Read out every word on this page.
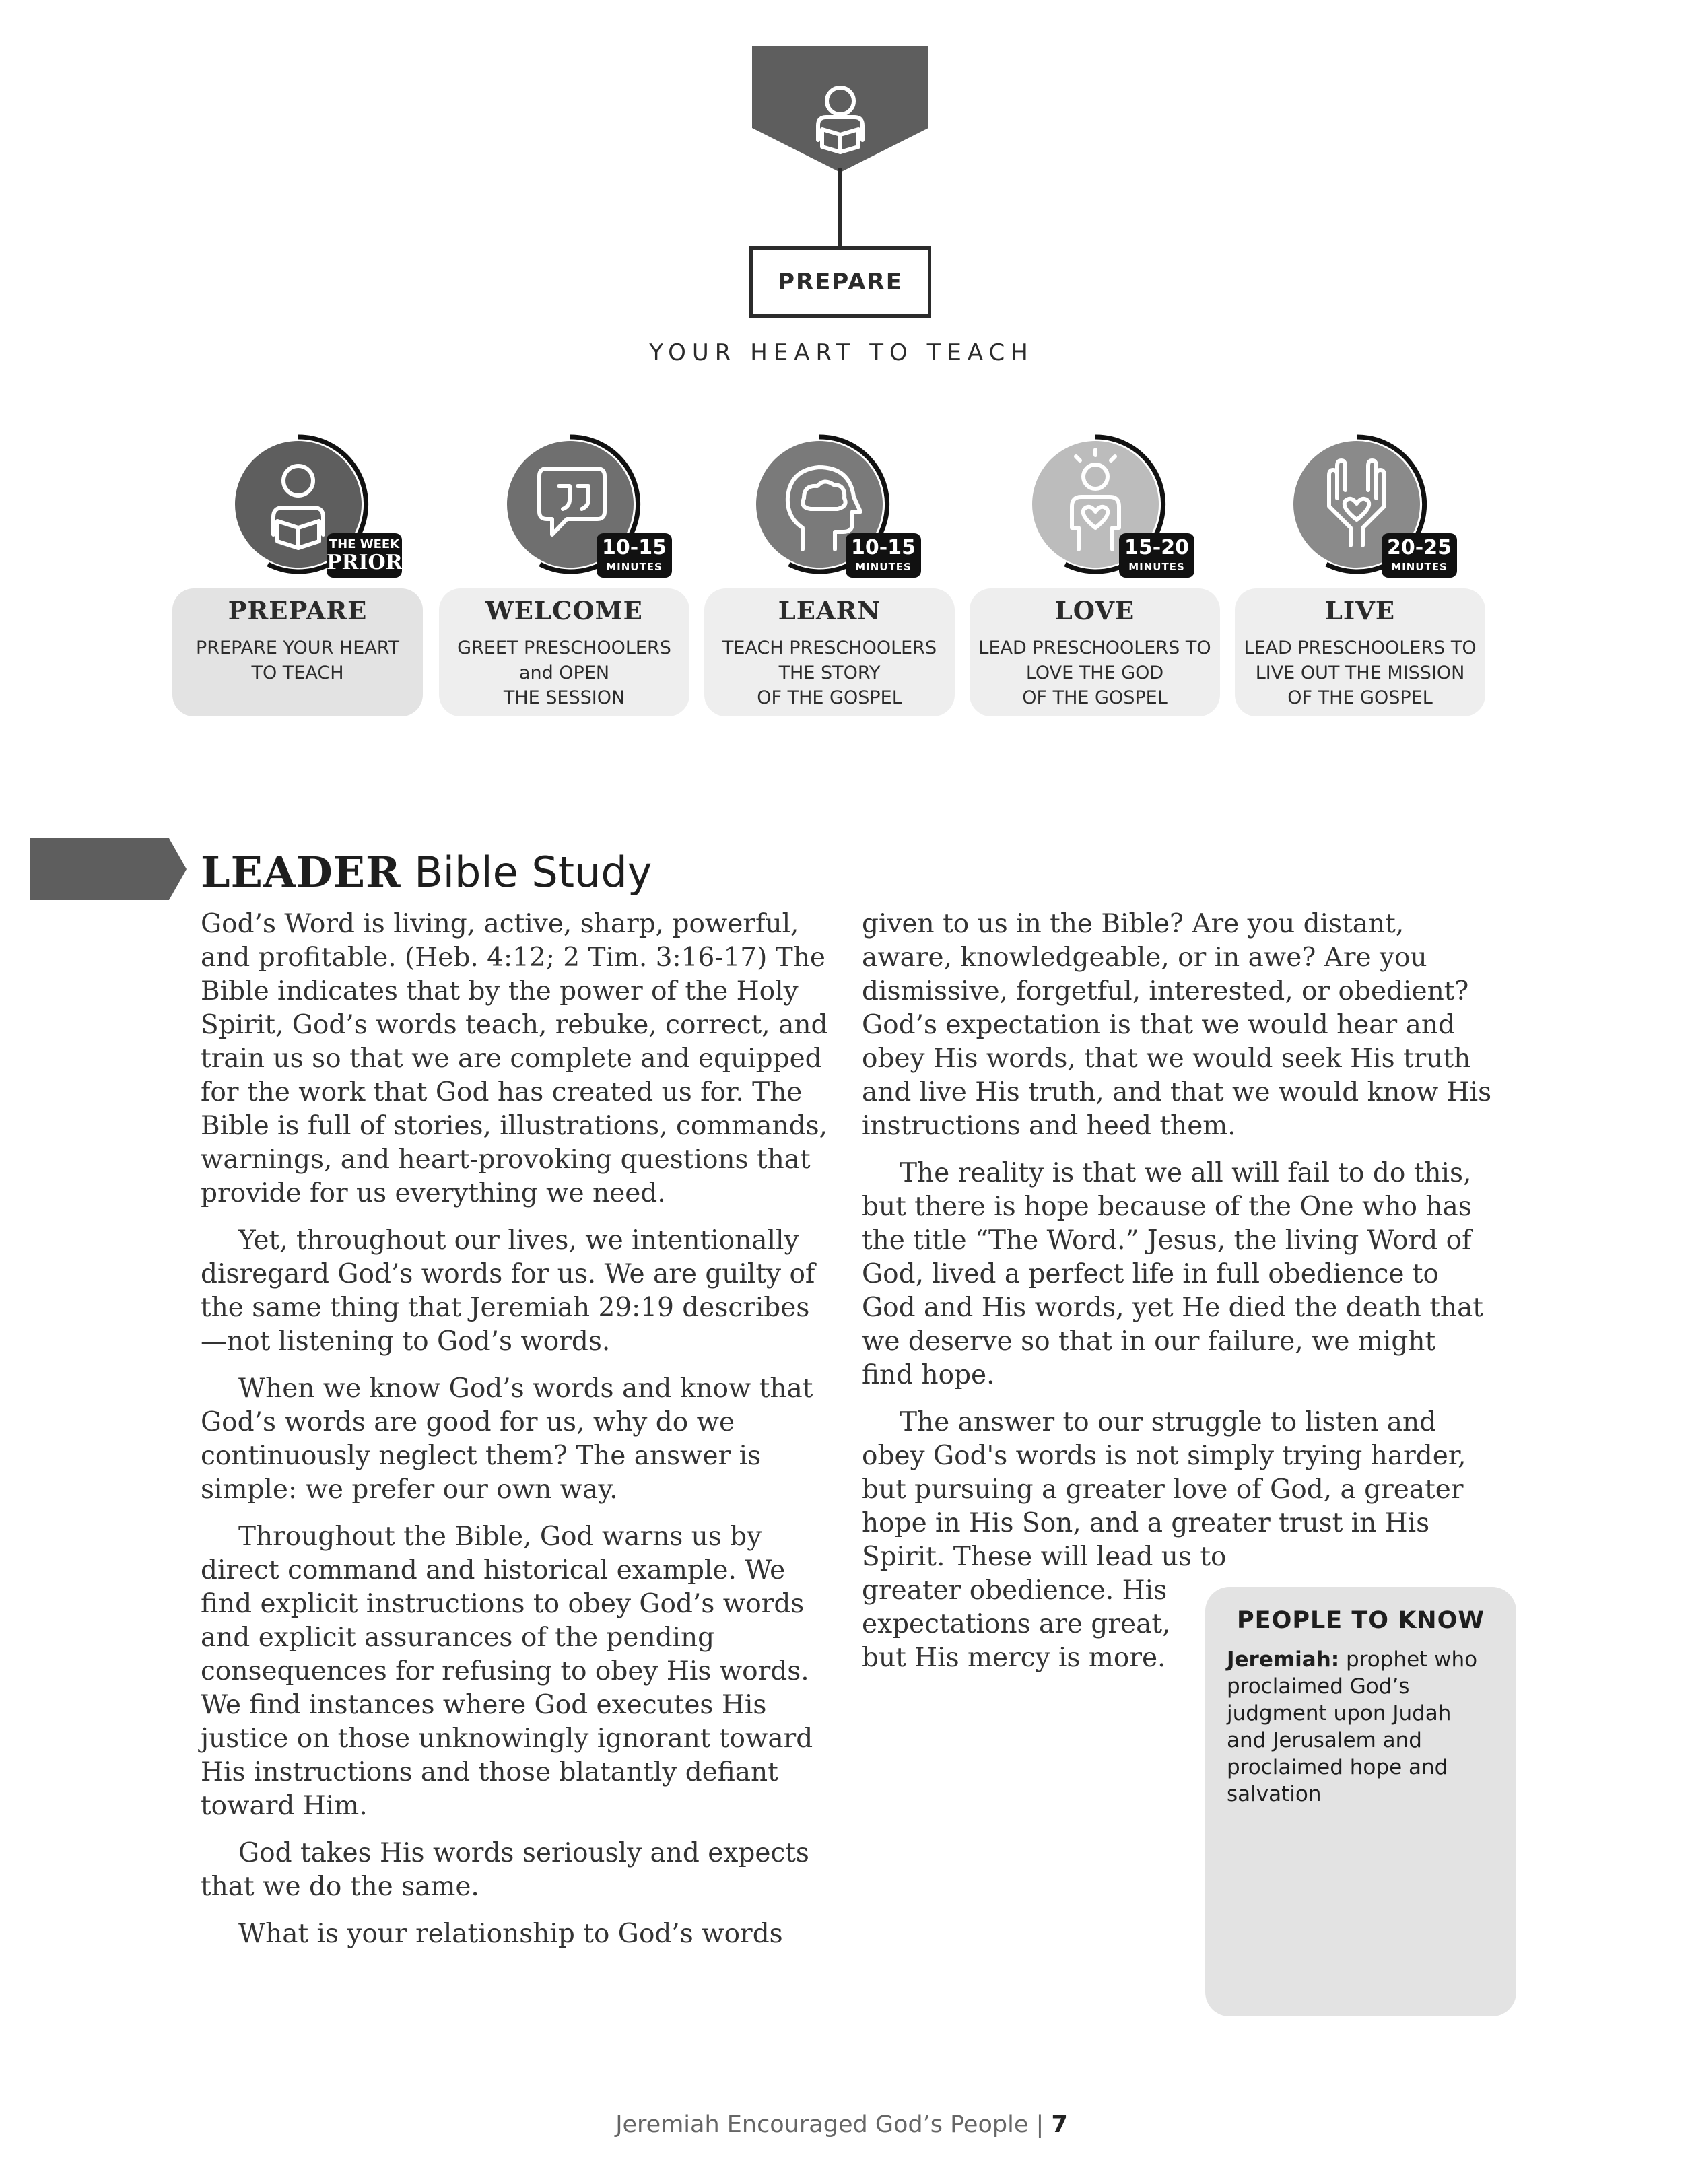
PREPARE
YOUR HEART TO TEACH
THE WEEK
PRIOR
PREPARE
PREPARE YOUR HEART
TO TEACH
10-15
MINUTES
WELCOME
GREET PRESCHOOLERS
and OPEN
THE SESSION
10-15
MINUTES
LEARN
TEACH PRESCHOOLERS
THE STORY
OF THE GOSPEL
15-20
MINUTES
LOVE
LEAD PRESCHOOLERS TO
LOVE THE GOD
OF THE GOSPEL
20-25
MINUTES
LIVE
LEAD PRESCHOOLERS TO
LIVE OUT THE MISSION
OF THE GOSPEL
LEADER Bible Study

God’s Word is living, active, sharp, powerful, and profitable. (Heb. 4:12; 2 Tim. 3:16-17) The Bible indicates that by the power of the Holy Spirit, God’s words teach, rebuke, correct, and train us so that we are complete and equipped for the work that God has created us for. The Bible is full of stories, illustrations, commands, warnings, and heart-provoking questions that provide for us everything we need.

Yet, throughout our lives, we intentionally disregard God’s words for us. We are guilty of the same thing that Jeremiah 29:19 describes—not listening to God’s words.

When we know God’s words and know that God’s words are good for us, why do we continuously neglect them? The answer is simple: we prefer our own way.

Throughout the Bible, God warns us by direct command and historical example. We find explicit instructions to obey God’s words and explicit assurances of the pending consequences for refusing to obey His words. We find instances where God executes His justice on those unknowingly ignorant toward His instructions and those blatantly defiant toward Him.

God takes His words seriously and expects that we do the same.

What is your relationship to God’s words

given to us in the Bible? Are you distant, aware, knowledgeable, or in awe? Are you dismissive, forgetful, interested, or obedient? God’s expectation is that we would hear and obey His words, that we would seek His truth and live His truth, and that we would know His instructions and heed them.

The reality is that we all will fail to do this, but there is hope because of the One who has the title “The Word.” Jesus, the living Word of God, lived a perfect life in full obedience to God and His words, yet He died the death that we deserve so that in our failure, we might find hope.

The answer to our struggle to listen and obey God's words is not simply trying harder, but pursuing a greater love of God, a greater hope in His Son, and a greater trust in His Spirit. These will lead us to

greater obedience. His expectations are great, but His mercy is more.

PEOPLE TO KNOW
Jeremiah: prophet who proclaimed God’s judgment upon Judah and Jerusalem and proclaimed hope and salvation
Jeremiah Encouraged God’s People | 7
